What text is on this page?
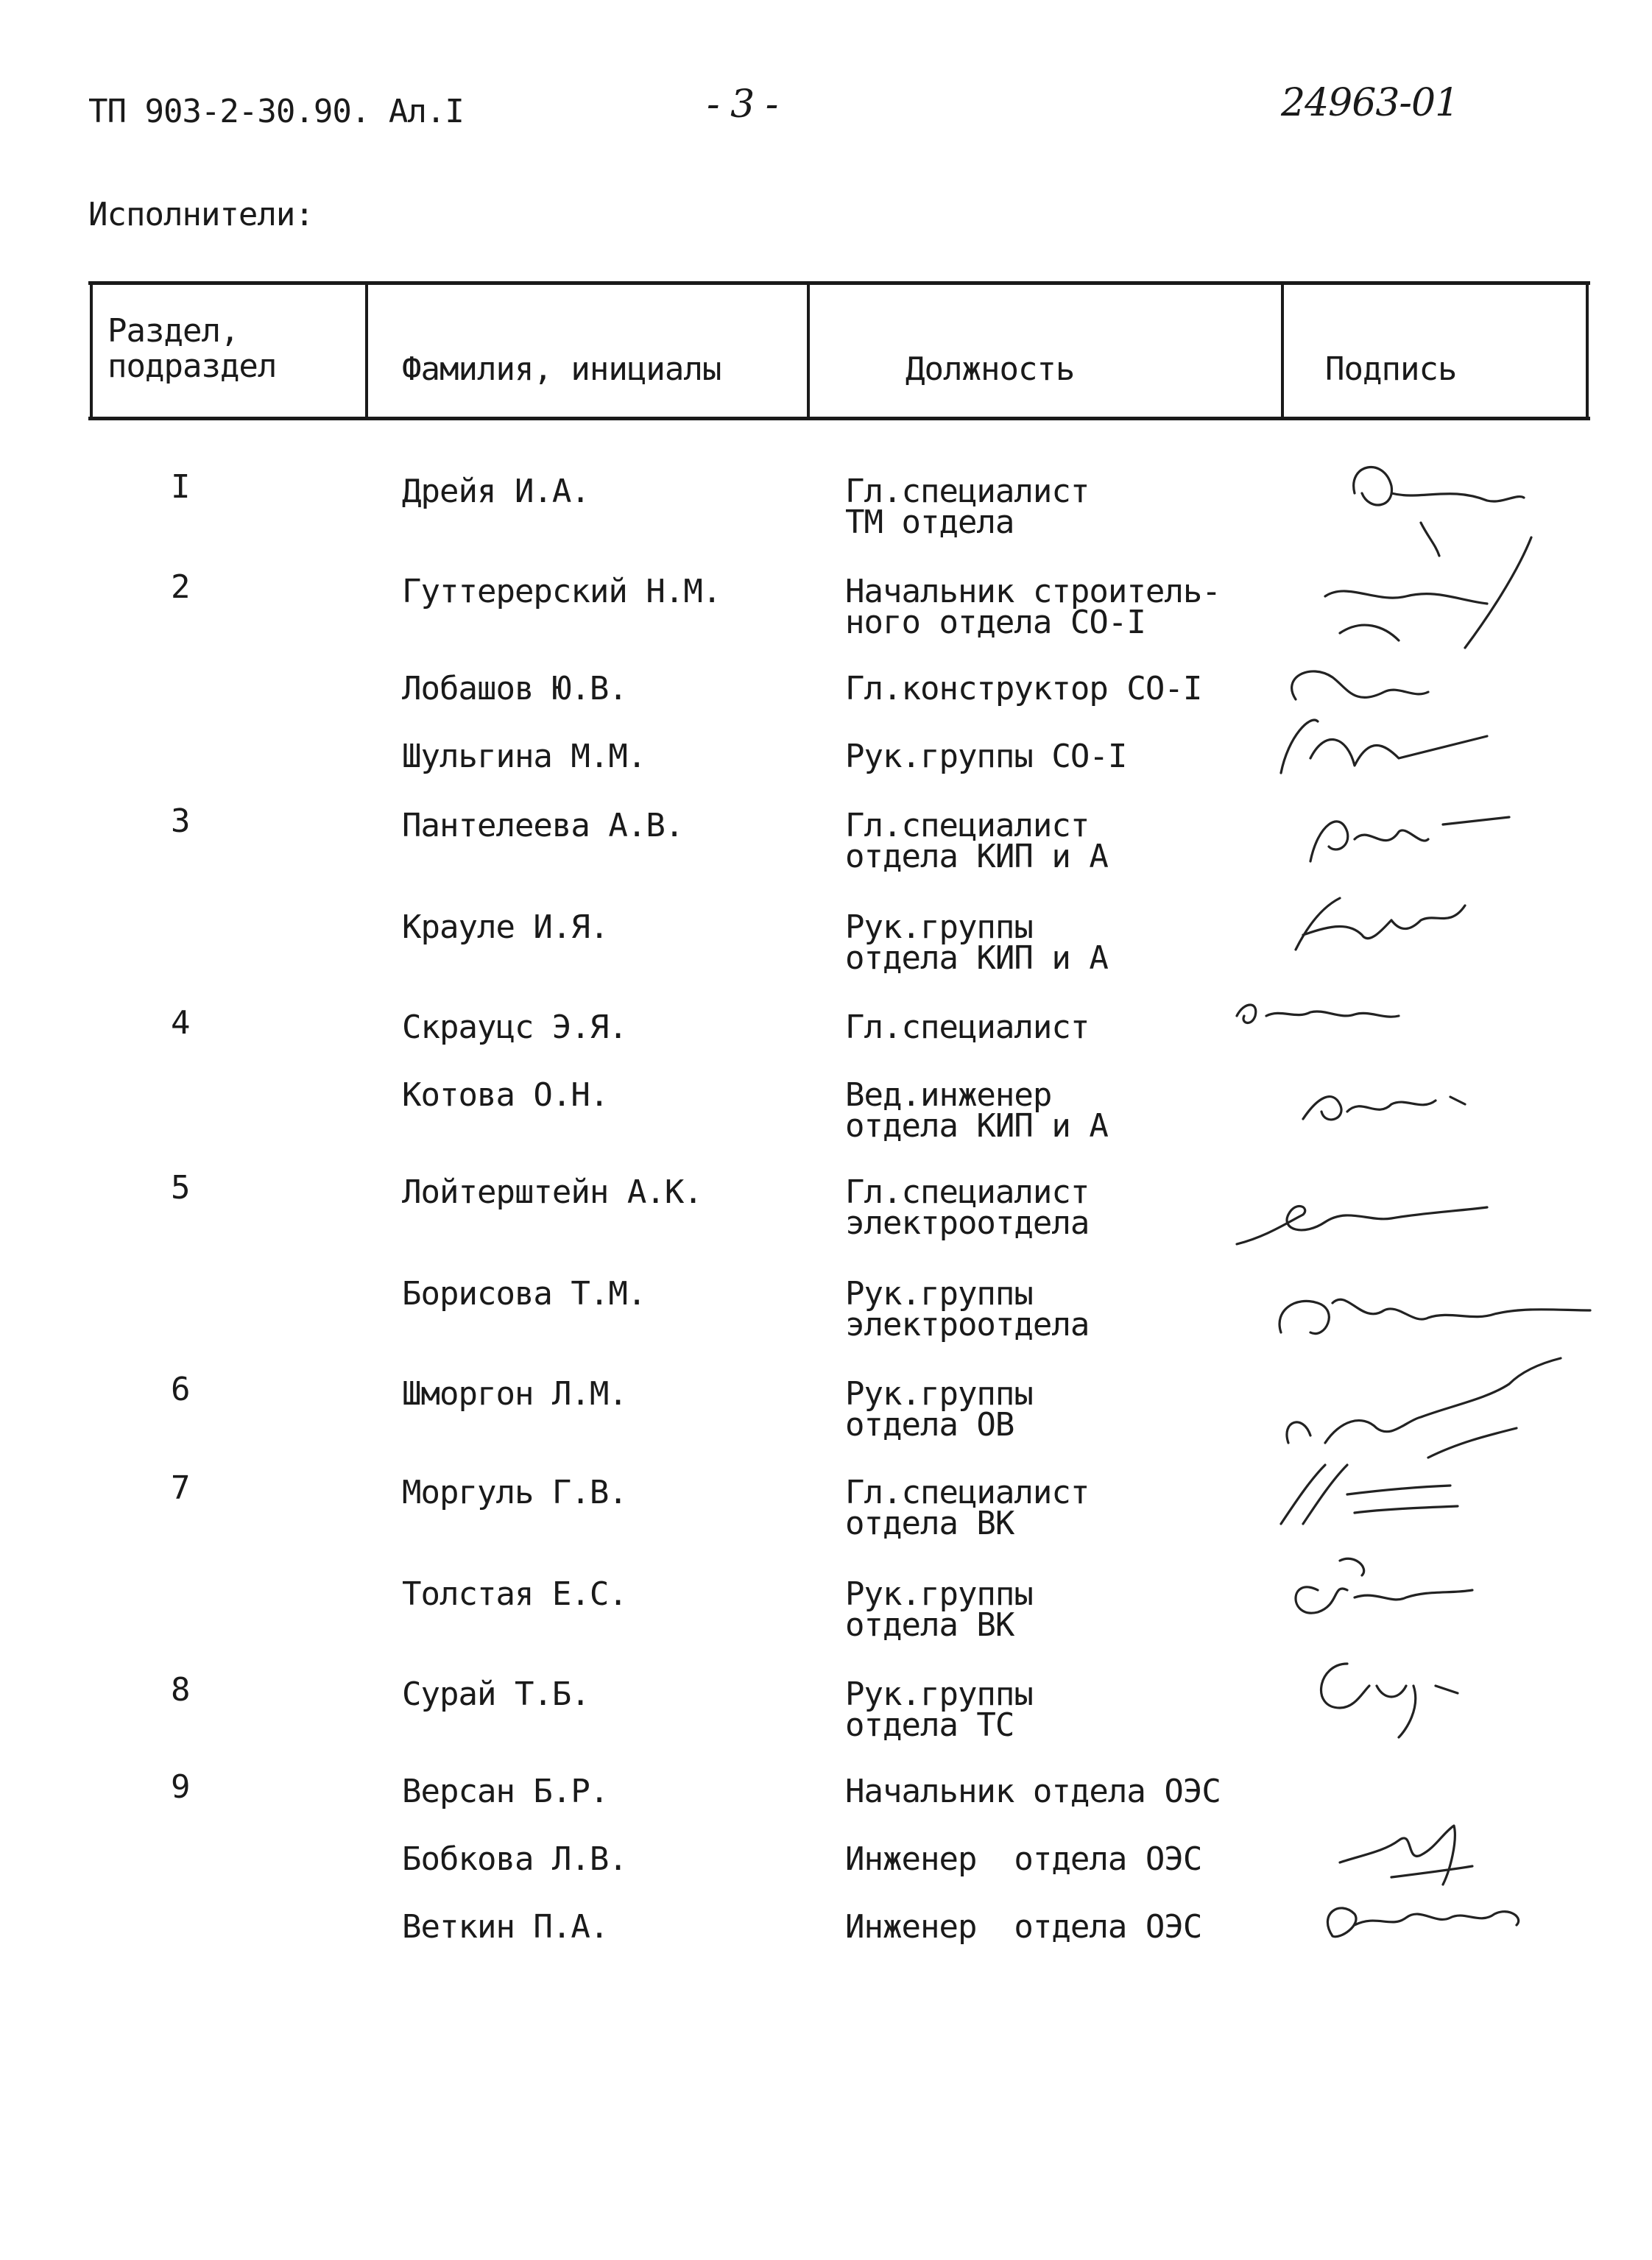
ТП 903-2-30.90. Ал.I	- 3 -	24963-01
Исполнители:
Раздел,
подраздел	Фамилия, инициалы	Должность	Подпись
I	Дрейя И.А.	Гл.специалист
ТМ отдела
2	Гуттерерский Н.М.	Начальник строитель-
ного отдела СО-I
Лобашов Ю.В.	Гл.конструктор СО-I
Шульгина М.М.	Рук.группы СО-I
3	Пантелеева А.В.	Гл.специалист
отдела КИП и А
Крауле И.Я.	Рук.группы
отдела КИП и А
4	Скрауцс Э.Я.	Гл.специалист
Котова О.Н.	Вед.инженер
отдела КИП и А
5	Лойтерштейн А.К.	Гл.специалист
электроотдела
Борисова Т.М.	Рук.группы
электроотдела
6	Шморгон Л.М.	Рук.группы
отдела ОВ
7	Моргуль Г.В.	Гл.специалист
отдела ВК
Толстая Е.С.	Рук.группы
отдела ВК
8	Сурай Т.Б.	Рук.группы
отдела ТС
9	Версан Б.Р.	Начальник отдела ОЭС
Бобкова Л.В.	Инженер  отдела ОЭС
Веткин П.А.	Инженер  отдела ОЭС
